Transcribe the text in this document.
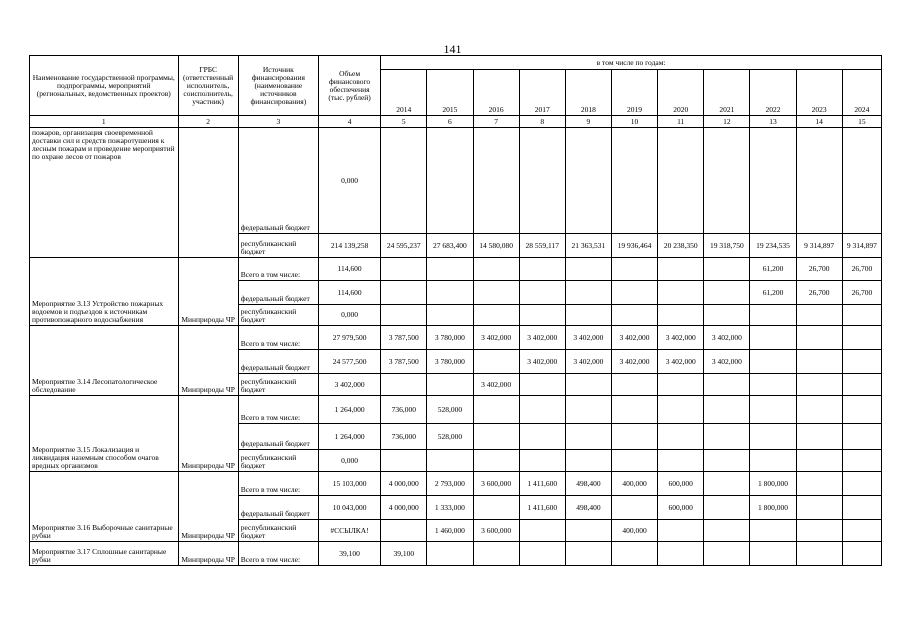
141
Наименование государственной программы, подпрограммы, мероприятий (региональных, ведомственных проектов)	ГРБС (ответственный исполнитель, соисполнитель, участник)	Источник финансирования (наименование источников финансирования)	Объем финансового обеспечения (тыс. рублей)	в том числе по годам:										
				2014	2015	2016	2017	2018	2019	2020	2021	2022	2023	2024
1	2	3	4	5	6	7	8	9	10	11	12	13	14	15
пожаров, организация своевременной доставки сил и средств пожаротушения к лесным пожарам и проведение мероприятий по охране лесов от пожаров		федеральный бюджет	0,000											
		республиканский бюджет	214 139,258	24 595,237	27 683,400	14 580,080	28 559,117	21 363,531	19 936,464	20 238,350	19 318,750	19 234,535	9 314,897	9 314,897
Мероприятие 3.13 Устройство пожарных водоемов и подъездов к источникам противопожарного водоснабжения	Минприроды ЧР	Всего в том числе:	114,600									61,200	26,700	26,700
		федеральный бюджет	114,600									61,200	26,700	26,700
		республиканский бюджет	0,000											
Мероприятие 3.14 Лесопатологическое обследование	Минприроды ЧР	Всего в том числе:	27 979,500	3 787,500	3 780,000	3 402,000	3 402,000	3 402,000	3 402,000	3 402,000	3 402,000			
		федеральный бюджет	24 577,500	3 787,500	3 780,000		3 402,000	3 402,000	3 402,000	3 402,000	3 402,000			
		республиканский бюджет	3 402,000			3 402,000								
Мероприятие 3.15 Локализация и ликвидация наземным способом очагов вредных организмов	Минприроды ЧР	Всего в том числе:	1 264,000	736,000	528,000									
		федеральный бюджет	1 264,000	736,000	528,000									
		республиканский бюджет	0,000											
Мероприятие 3.16 Выборочные санитарные рубки	Минприроды ЧР	Всего в том числе:	15 103,000	4 000,000	2 793,000	3 600,000	1 411,600	498,400	400,000	600,000		1 800,000		
		федеральный бюджет	10 043,000	4 000,000	1 333,000		1 411,600	498,400		600,000		1 800,000		
		республиканский бюджет	#ССЫЛКА!		1 460,000	3 600,000			400,000					
Мероприятие 3.17 Сплошные санитарные рубки	Минприроды ЧР	Всего в том числе:	39,100	39,100										
